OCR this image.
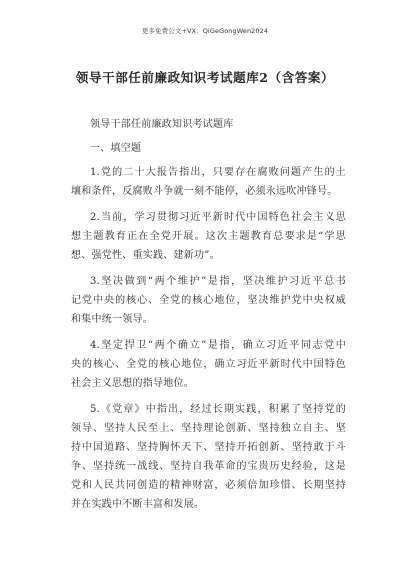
更多免费公文+VX：QiGeGongWen2024
领导干部任前廉政知识考试题库2（含答案）
领导干部任前廉政知识考试题库
一、填空题
1.党的二十大报告指出，只要存在腐败问题产生的土
壤和条件，反腐败斗争就一刻不能停，必须永远吹冲锋号。
2.当前，学习贯彻习近平新时代中国特色社会主义思
想主题教育正在全党开展。这次主题教育总要求是“学思
想、强党性、重实践、建新功”。
3.坚决做到“两个维护”是指，坚决维护习近平总书
记党中央的核心、全党的核心地位，坚决维护党中央权威
和集中统一领导。
4.坚定捍卫“两个确立”是指，确立习近平同志党中
央的核心、全党的核心地位，确立习近平新时代中国特色
社会主义思想的指导地位。
5.《党章》中指出，经过长期实践，积累了坚持党的
领导、坚持人民至上、坚持理论创新、坚持独立自主、坚
持中国道路、坚持胸怀天下、坚持开拓创新、坚持敢于斗
争、坚持统一战线、坚持自我革命的宝贵历史经验，这是
党和人民共同创造的精神财富，必须倍加珍惜、长期坚持
并在实践中不断丰富和发展。
